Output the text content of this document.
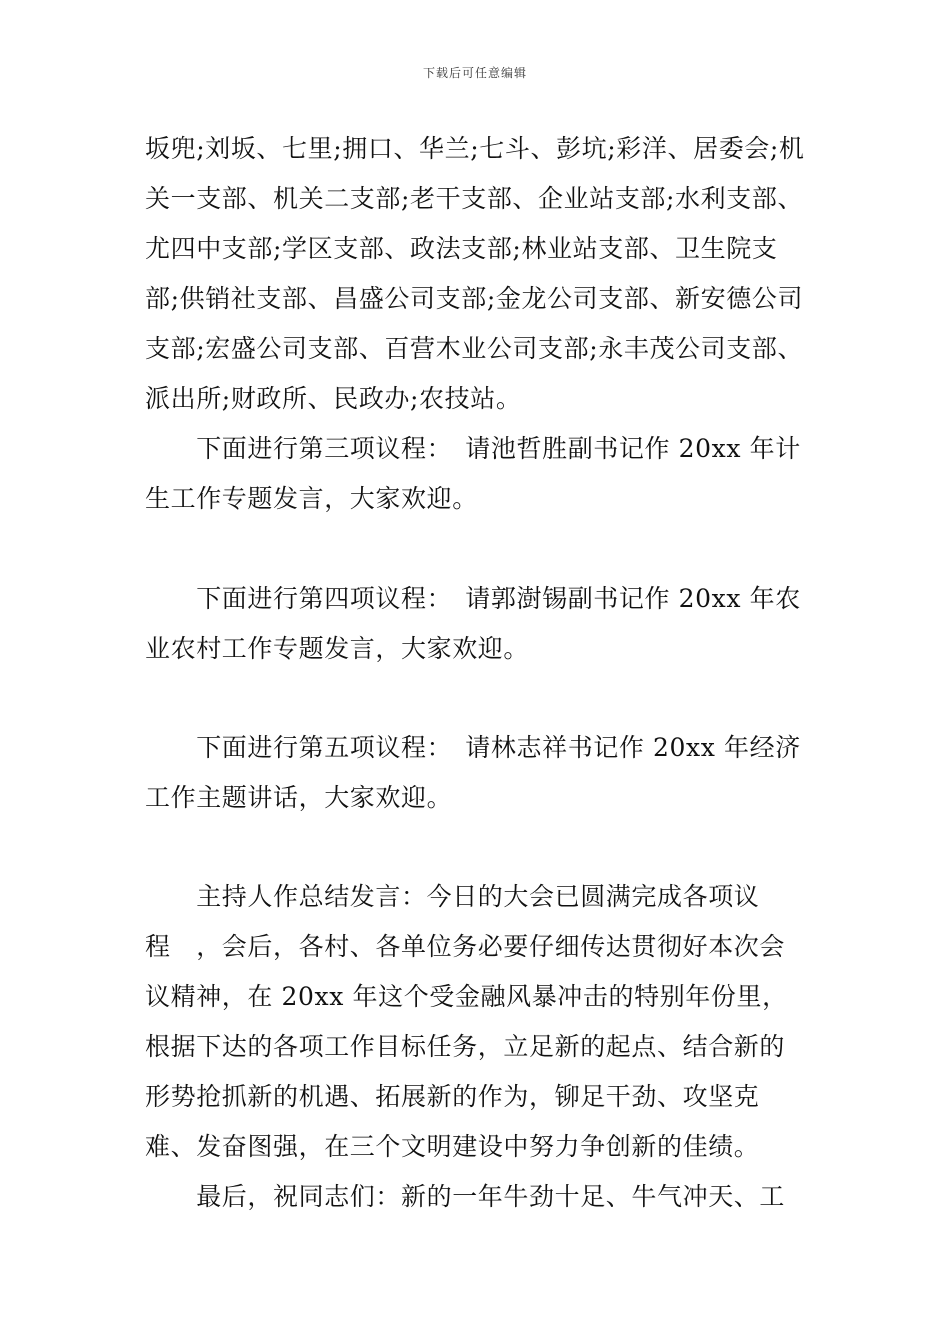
下载后可任意编辑
坂兜;刘坂、七里;拥口、华兰;七斗、彭坑;彩洋、居委会;机关一支部、机关二支部;老干支部、企业站支部;水利支部、尤四中支部;学区支部、政法支部;林业站支部、卫生院支部;供销社支部、昌盛公司支部;金龙公司支部、新安德公司支部;宏盛公司支部、百营木业公司支部;永丰茂公司支部、派出所;财政所、民政办;农技站。
　　下面进行第三项议程：　请池哲胜副书记作 20xx 年计生工作专题发言，大家欢迎。
　　下面进行第四项议程：　请郭澍锡副书记作 20xx 年农业农村工作专题发言，大家欢迎。
　　下面进行第五项议程：　请林志祥书记作 20xx 年经济工作主题讲话，大家欢迎。
　　主持人作总结发言：今日的大会已圆满完成各项议程　，会后，各村、各单位务必要仔细传达贯彻好本次会议精神，在 20xx 年这个受金融风暴冲击的特别年份里，根据下达的各项工作目标任务，立足新的起点、结合新的形势抢抓新的机遇、拓展新的作为，铆足干劲、攻坚克难、发奋图强，在三个文明建设中努力争创新的佳绩。
　　最后，祝同志们：新的一年牛劲十足、牛气冲天、工
